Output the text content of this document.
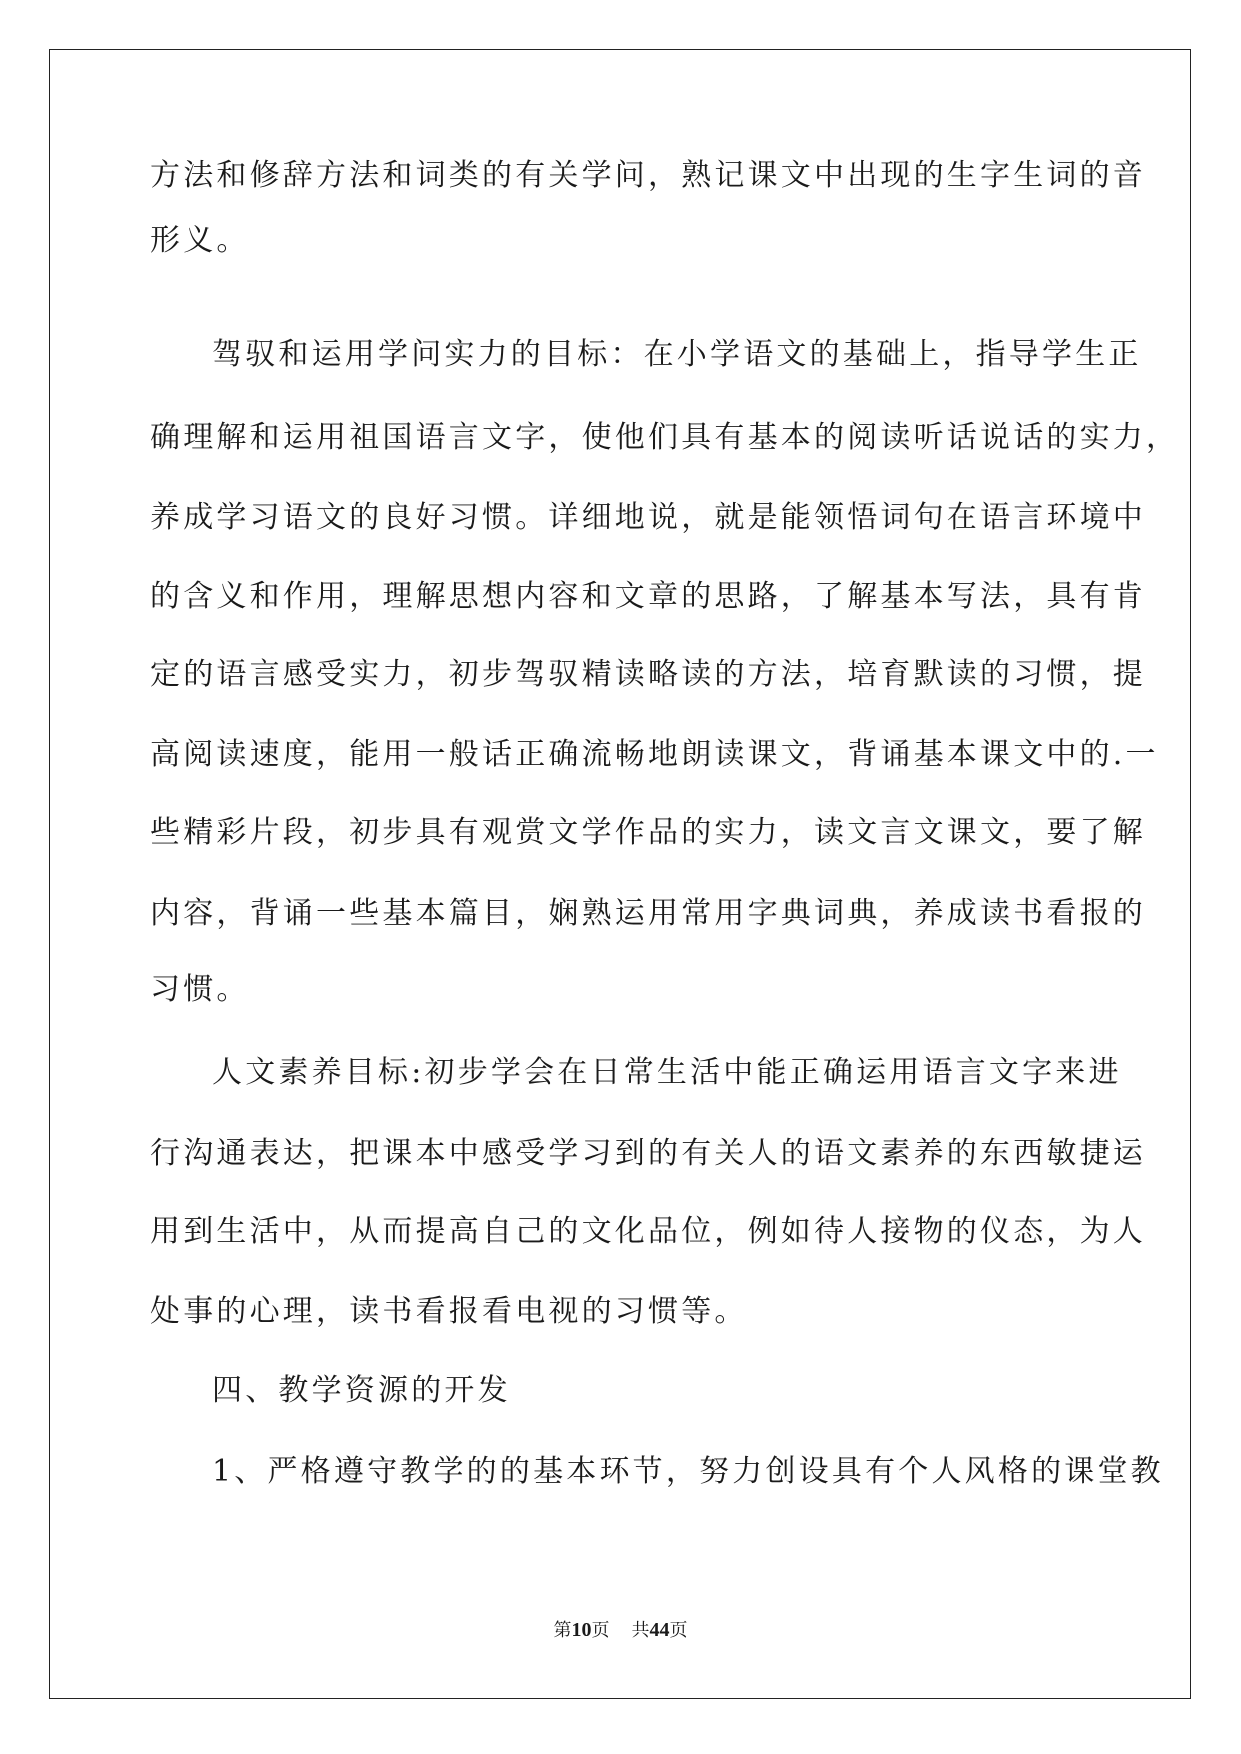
方法和修辞方法和词类的有关学问，熟记课文中出现的生字生词的音
形义。
驾驭和运用学问实力的目标：在小学语文的基础上，指导学生正
确理解和运用祖国语言文字，使他们具有基本的阅读听话说话的实力，
养成学习语文的良好习惯。详细地说，就是能领悟词句在语言环境中
的含义和作用，理解思想内容和文章的思路，了解基本写法，具有肯
定的语言感受实力，初步驾驭精读略读的方法，培育默读的习惯，提
高阅读速度，能用一般话正确流畅地朗读课文，背诵基本课文中的.一
些精彩片段，初步具有观赏文学作品的实力，读文言文课文，要了解
内容，背诵一些基本篇目，娴熟运用常用字典词典，养成读书看报的
习惯。
人文素养目标:初步学会在日常生活中能正确运用语言文字来进
行沟通表达，把课本中感受学习到的有关人的语文素养的东西敏捷运
用到生活中，从而提高自己的文化品位，例如待人接物的仪态，为人
处事的心理，读书看报看电视的习惯等。
四、教学资源的开发
1、严格遵守教学的的基本环节，努力创设具有个人风格的课堂教
第10页 共44页
